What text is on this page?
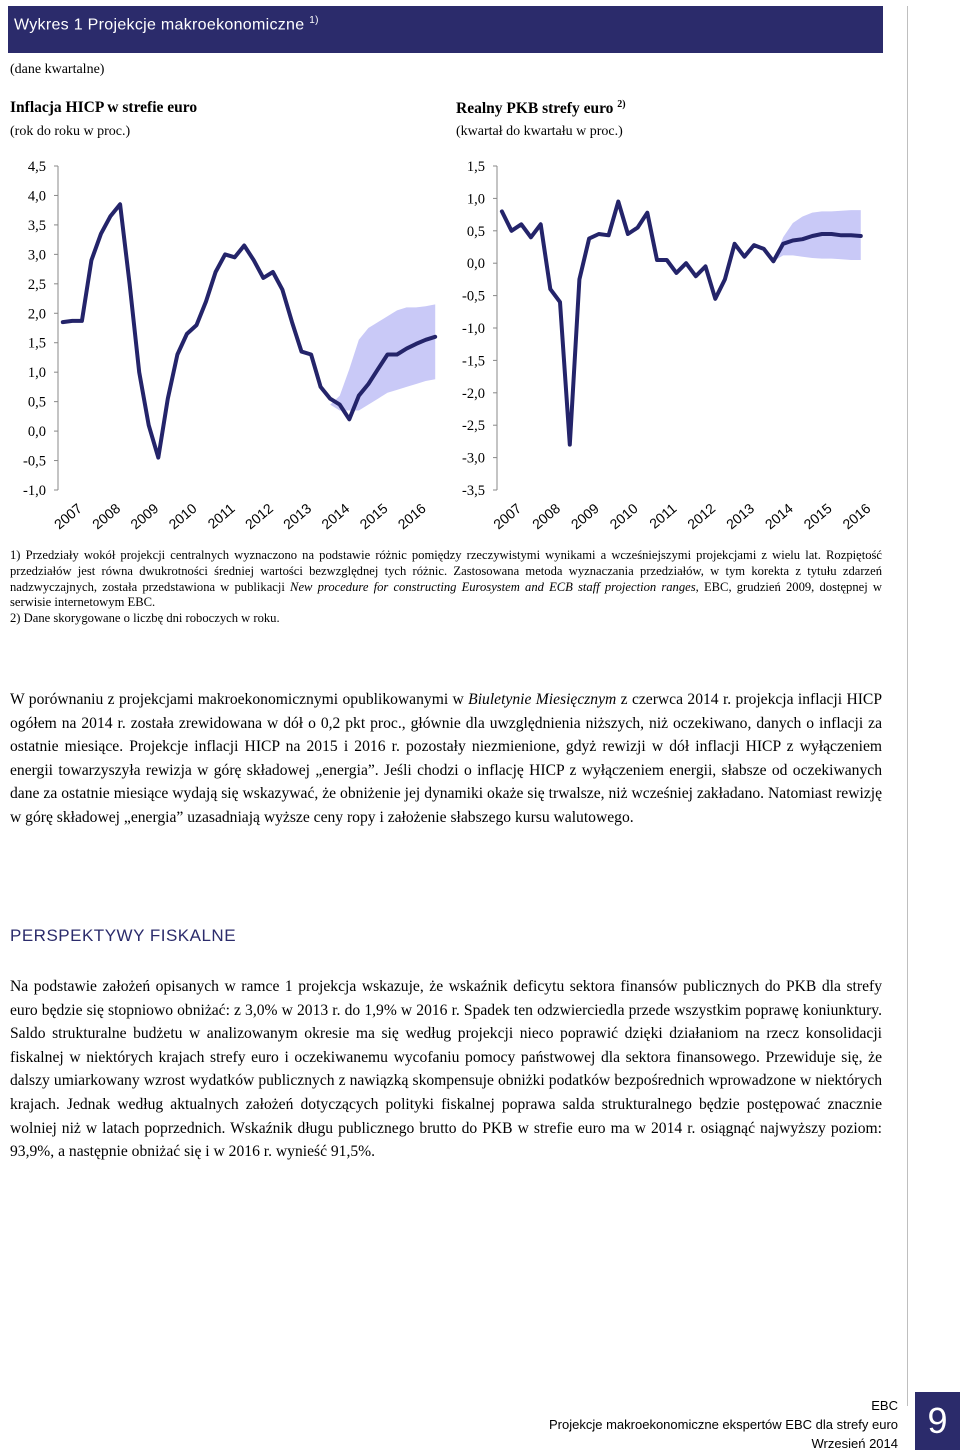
Wykres 1 Projekcje makroekonomiczne $^{1)}$
(dane kwartalne)
Inflacja HICP w strefie euro
(rok do roku w proc.)
Realny PKB strefy euro $^{2)}$
(kwartał do kwartału w proc.)
4,5
4,0
3,5
3,0
2,5
2,0
1,5
1,0
0,5
0,0
-0,5
-1,0
2007 2008 2009 2010 2011 2012 2013 2014 2015 2016
1,5
1,0
0,5
0,0
-0,5
-1,0
-1,5
-2,0
-2,5
-3,0
-3,5
2007 2008 2009 2010 2011 2012 2013 2014 2015 2016

1) Przedziały wokół projekcji centralnych wyznaczono na podstawie różnic pomiędzy rzeczywistymi wynikami a wcześniejszymi projekcjami z wielu lat. Rozpiętość przedziałów jest równa dwukrotności średniej wartości bezwzględnej tych różnic. Zastosowana metoda wyznaczania przedziałów, w tym korekta z tytułu zdarzeń nadzwyczajnych, została przedstawiona w publikacji New procedure for constructing Eurosystem and ECB staff projection ranges, EBC, grudzień 2009, dostępnej w serwisie internetowym EBC.

2) Dane skorygowane o liczbę dni roboczych w roku.

W porównaniu z projekcjami makroekonomicznymi opublikowanymi w Biuletynie Miesięcznym z czerwca 2014 r. projekcja inflacji HICP ogółem na 2014 r. została zrewidowana w dół o 0,2 pkt proc., głównie dla uwzględnienia niższych, niż oczekiwano, danych o inflacji za ostatnie miesiące. Projekcje inflacji HICP na 2015 i 2016 r. pozostały niezmienione, gdyż rewizji w dół inflacji HICP z wyłączeniem energii towarzyszyła rewizja w górę składowej „energia”. Jeśli chodzi o inflację HICP z wyłączeniem energii, słabsze od oczekiwanych dane za ostatnie miesiące wydają się wskazywać, że obniżenie jej dynamiki okaże się trwalsze, niż wcześniej zakładano. Natomiast rewizję w górę składowej „energia” uzasadniają wyższe ceny ropy i założenie słabszego kursu walutowego.

PERSPEKTYWY FISKALNE

Na podstawie założeń opisanych w ramce 1 projekcja wskazuje, że wskaźnik deficytu sektora finansów publicznych do PKB dla strefy euro będzie się stopniowo obniżać: z 3,0% w 2013 r. do 1,9% w 2016 r. Spadek ten odzwierciedla przede wszystkim poprawę koniunktury. Saldo strukturalne budżetu w analizowanym okresie ma się według projekcji nieco poprawić dzięki działaniom na rzecz konsolidacji fiskalnej w niektórych krajach strefy euro i oczekiwanemu wycofaniu pomocy państwowej dla sektora finansowego. Przewiduje się, że dalszy umiarkowany wzrost wydatków publicznych z nawiązką skompensuje obniżki podatków bezpośrednich wprowadzone w niektórych krajach. Jednak według aktualnych założeń dotyczących polityki fiskalnej poprawa salda strukturalnego będzie postępować znacznie wolniej niż w latach poprzednich. Wskaźnik długu publicznego brutto do PKB w strefie euro ma w 2014 r. osiągnąć najwyższy poziom: 93,9%, a następnie obniżać się i w 2016 r. wynieść 91,5%.

EBC
Projekcje makroekonomiczne ekspertów EBC dla strefy euro
Wrzesień 2014
9
